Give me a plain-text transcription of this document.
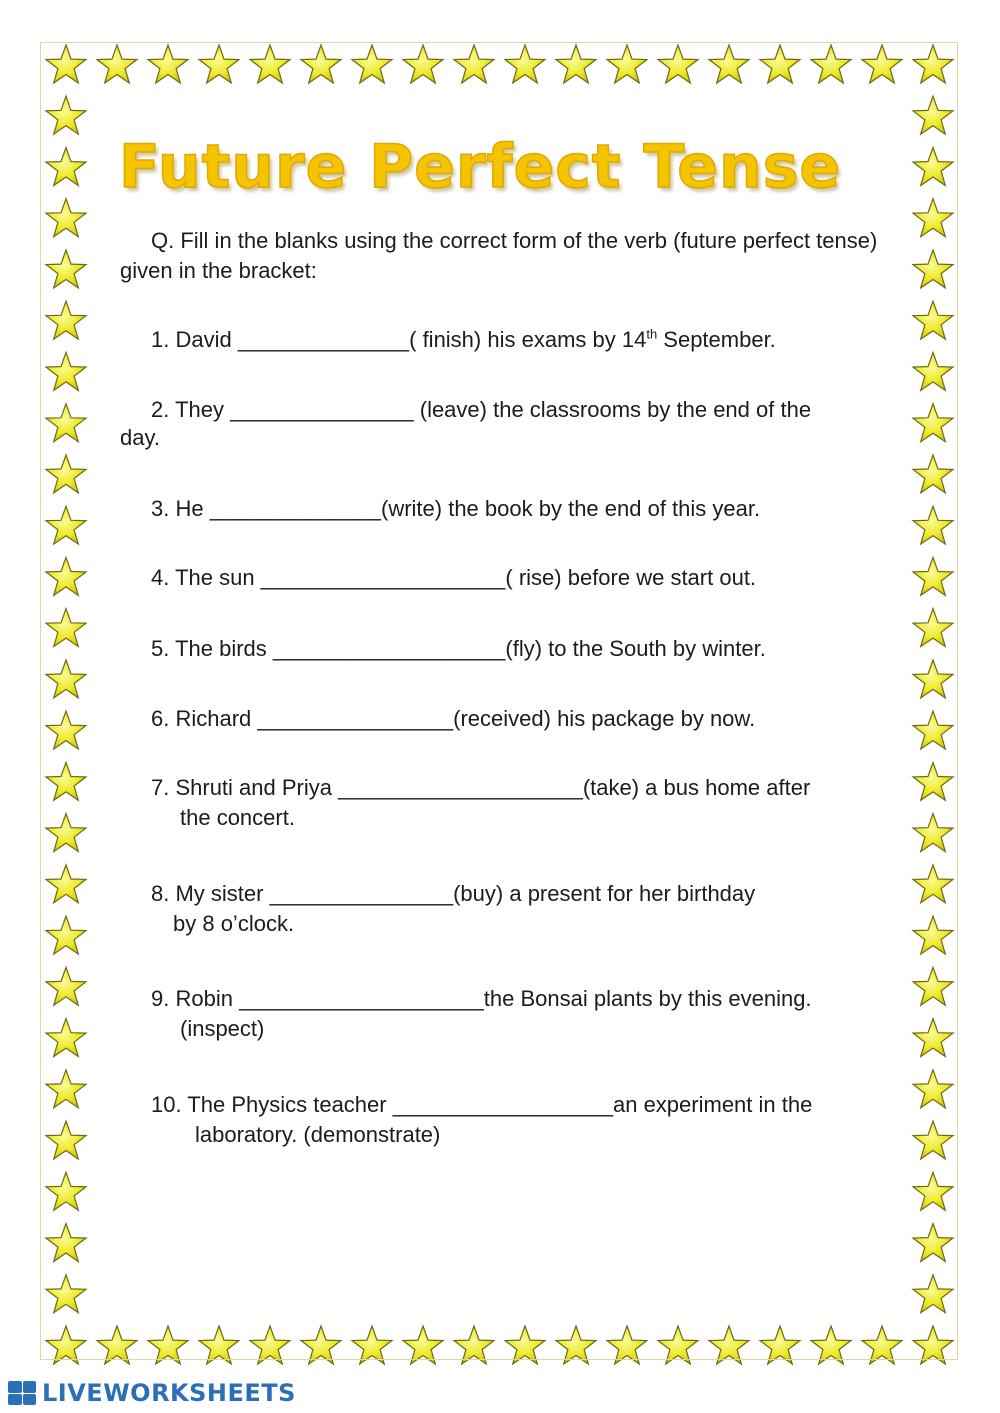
Future Perfect Tense

Q. Fill in the blanks using the correct form of the verb (future perfect tense) given in the bracket:

1. David ______________( finish) his exams by 14th September.

2. They _______________ (leave) the classrooms by the end of the
day.

3. He ______________(write) the book by the end of this year.

4. The sun ____________________( rise) before we start out.

5. The birds ___________________(fly) to the South by winter.

6. Richard ________________(received) his package by now.

7. Shruti and Priya ____________________(take) a bus home after
the concert.

8. My sister _______________(buy) a present for her birthday
by 8 o’clock.

9. Robin ____________________the Bonsai plants by this evening.
(inspect)

10. The Physics teacher __________________an experiment in the
laboratory. (demonstrate)

LIVEWORKSHEETS
